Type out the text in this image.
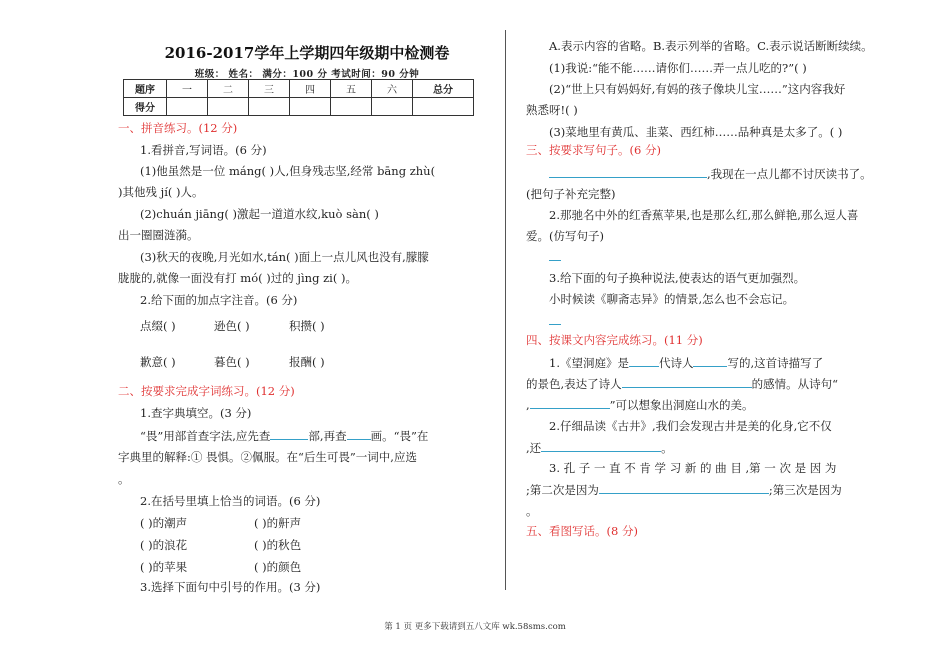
2016-2017学年上学期四年级期中检测卷
班级： 姓名： 满分：100 分 考试时间：90 分钟
题序	一	二	三	四	五	六	总分
得分							
一、拼音练习。(12 分)
1.看拼音,写词语。(6 分)
(1)他虽然是一位 máng( )人,但身残志坚,经常 bāng zhù(
)其他残 jí( )人。
(2)chuán jiāng( )激起一道道水纹,kuò sàn( )
出一圈圈涟漪。
(3)秋天的夜晚,月光如水,tán( )面上一点儿风也没有,朦朦
胧胧的,就像一面没有打 mó( )过的 jìng zi( )。
2.给下面的加点字注音。(6 分)
点缀( )	逊色( )	积攒( )
歉意( )	暮色( )	报酬( )
二、按要求完成字词练习。(12 分)
1.查字典填空。(3 分)
“畏”用部首查字法,应先查	部,再查 画。“畏”在
字典里的解释:① 畏惧。②佩服。在“后生可畏”一词中,应选
。
2.在括号里填上恰当的词语。(6 分)
( )的潮声	( )的鼾声
( )的浪花	( )的秋色
( )的苹果	( )的颜色
3.选择下面句中引号的作用。(3 分)
A.表示内容的省略。B.表示列举的省略。C.表示说话断断续续。
(1)我说:“能不能……请你们……弄一点儿吃的?”( )
(2)“世上只有妈妈好,有妈的孩子像块儿宝……”这内容我好
熟悉呀!( )
(3)菜地里有黄瓜、韭菜、西红柿……品种真是太多了。( )
三、按要求写句子。(6 分)
,我现在一点儿都不讨厌读书了。
(把句子补充完整)
2.那驰名中外的红香蕉苹果,也是那么红,那么鲜艳,那么逗人喜
爱。(仿写句子)
3.给下面的句子换种说法,使表达的语气更加强烈。
小时候读《聊斋志异》的情景,怎么也不会忘记。
四、按课文内容完成练习。(11 分)
1.《望洞庭》是	代诗人	写的,这首诗描写了
的景色,表达了诗人	的感情。从诗句“
,	”可以想象出洞庭山水的美。
2.仔细品读《古井》,我们会发现古井是美的化身,它不仅
,还	。
3. 孔 子 一 直 不 肯 学 习 新 的 曲 目 ,第 一 次 是 因 为
;第二次是因为	;第三次是因为
。
五、看图写话。(8 分)
第 1 页 更多下载请到五八文库 wk.58sms.com
